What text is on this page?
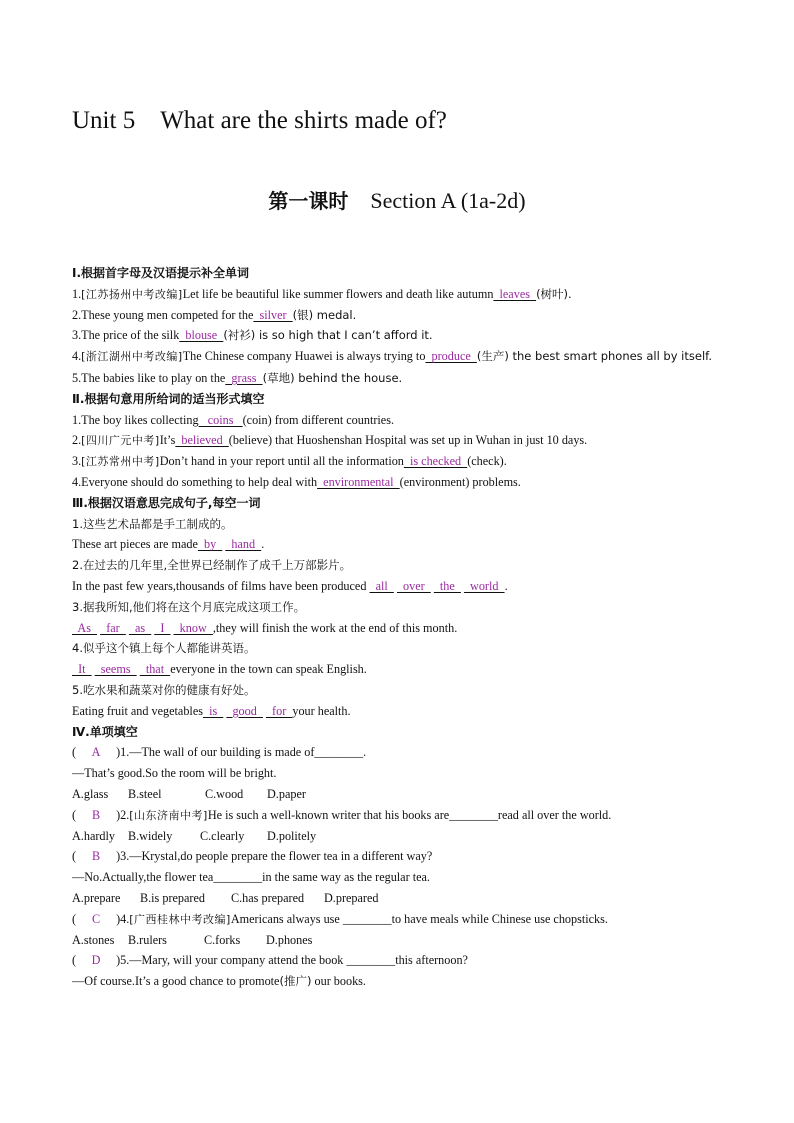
Unit 5　What are the shirts made of?
第一课时 Section A (1a-2d)
Ⅰ.根据首字母及汉语提示补全单词
1.[江苏扬州中考改编]Let life be beautiful like summer flowers and death like autumn  leaves  (树叶).
2.These young men competed for the  silver  (银) medal.
3.The price of the silk  blouse  (衬衫) is so high that I can’t afford it.
4.[浙江湖州中考改编]The Chinese company Huawei is always trying to  produce  (生产) the best smart phones all by itself.
5.The babies like to play on the  grass  (草地) behind the house.
Ⅱ.根据句意用所给词的适当形式填空
1.The boy likes collecting   coins   (coin) from different countries.
2.[四川广元中考]It’s  believed  (believe) that Huoshenshan Hospital was set up in Wuhan in just 10 days.
3.[江苏常州中考]Don’t hand in your report until all the information  is checked  (check).
4.Everyone should do something to help deal with  environmental  (environment) problems.
Ⅲ.根据汉语意思完成句子,每空一词
1.这些艺术品都是手工制成的。
These art pieces are made  by     hand  .
2.在过去的几年里,全世界已经制作了成千上万部影片。
In the past few years,thousands of films have been produced   all     over     the     world  .
3.据我所知,他们将在这个月底完成这项工作。
As     far     as     I     know  ,they will finish the work at the end of this month.
4.似乎这个镇上每个人都能讲英语。
It     seems     that  everyone in the town can speak English.
5.吃水果和蔬菜对你的健康有好处。
Eating fruit and vegetables  is     good     for  your health.
Ⅳ.单项填空
( A )1.—The wall of our building is made of________.
—That’s good.So the room will be bright.
A.glass B.steel	C.wood D.paper
( B )2.[山东济南中考]He is such a well-known writer that his books are________read all over the world.
A.hardly B.widely C.clearly D.politely
( B )3.—Krystal,do people prepare the flower tea in a different way?
—No.Actually,the flower tea________in the same way as the regular tea.
A.prepare B.is prepared C.has prepared D.prepared
( C )4.[广西桂林中考改编]Americans always use ________to have meals while Chinese use chopsticks.
A.stones B.rulers	C.forks D.phones
( D )5.—Mary, will your company attend the book ________this afternoon?
—Of course.It’s a good chance to promote(推广) our books.
